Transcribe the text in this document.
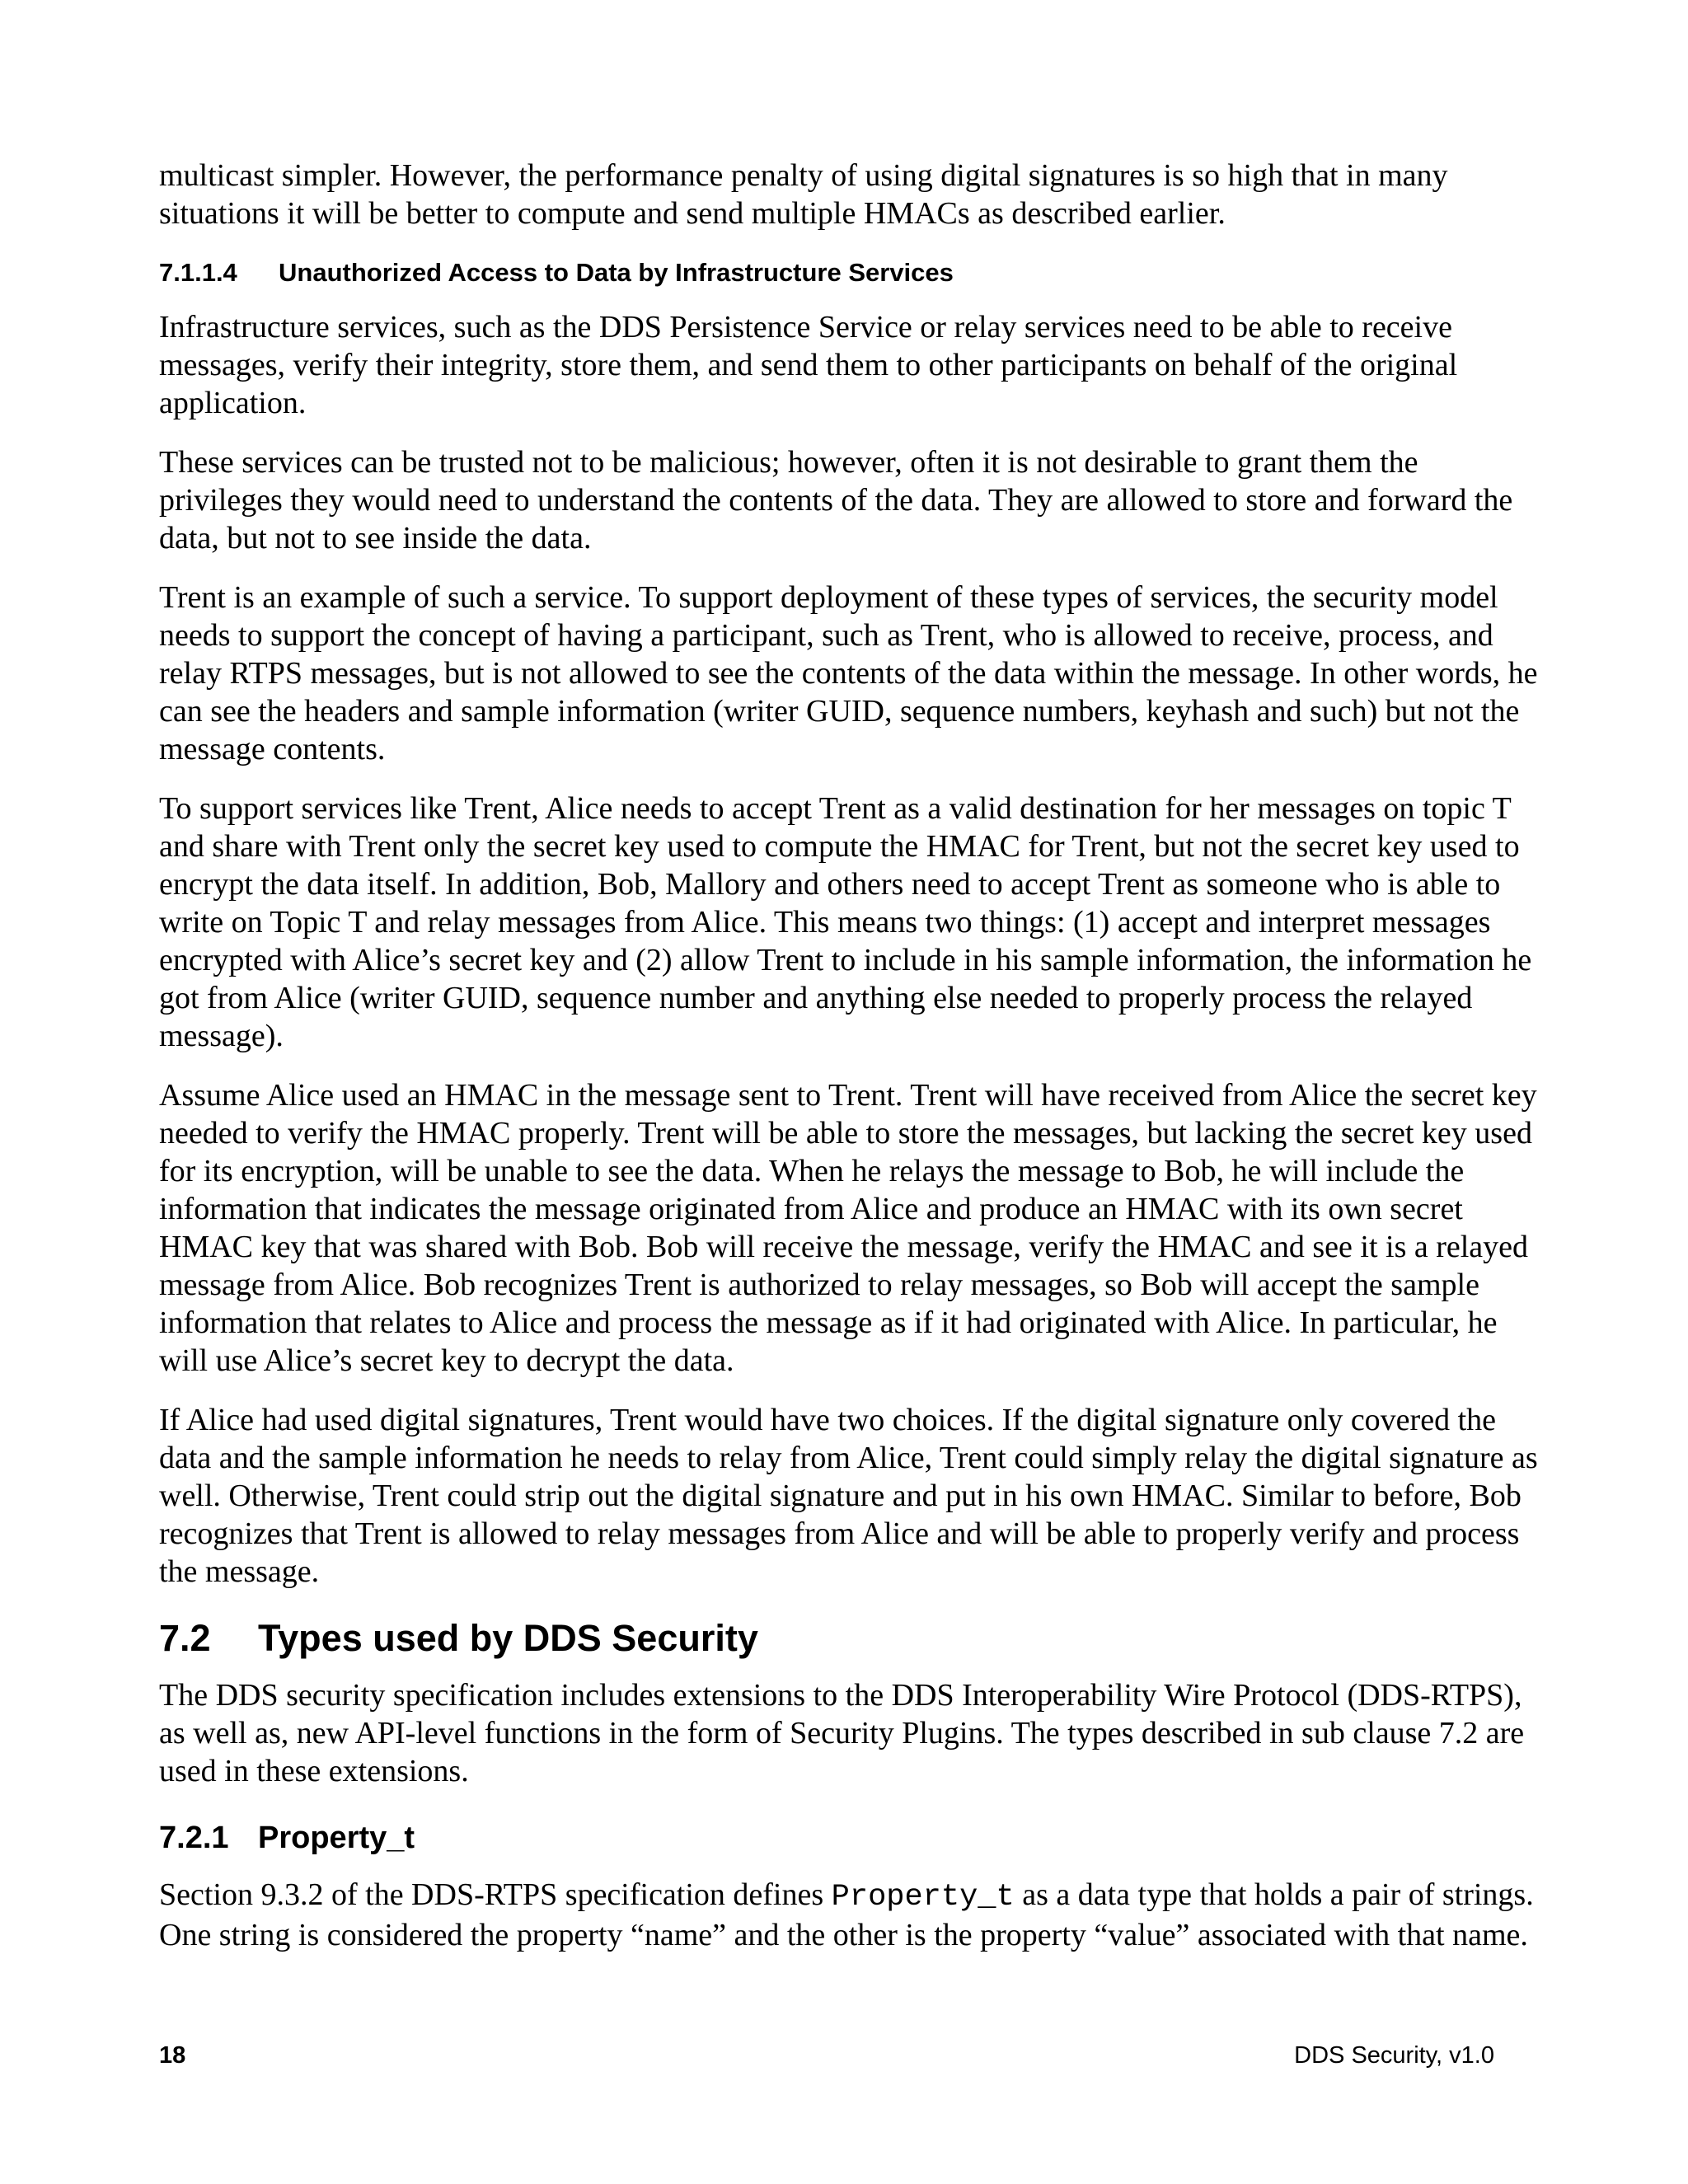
multicast simpler. However, the performance penalty of using digital signatures is so high that in many situations it will be better to compute and send multiple HMACs as described earlier.

7.1.1.4	Unauthorized Access to Data by Infrastructure Services

Infrastructure services, such as the DDS Persistence Service or relay services need to be able to receive messages, verify their integrity, store them, and send them to other participants on behalf of the original application.

These services can be trusted not to be malicious; however, often it is not desirable to grant them the privileges they would need to understand the contents of the data. They are allowed to store and forward the data, but not to see inside the data.

Trent is an example of such a service. To support deployment of these types of services, the security model needs to support the concept of having a participant, such as Trent, who is allowed to receive, process, and relay RTPS messages, but is not allowed to see the contents of the data within the message. In other words, he can see the headers and sample information (writer GUID, sequence numbers, keyhash and such) but not the message contents.

To support services like Trent, Alice needs to accept Trent as a valid destination for her messages on topic T and share with Trent only the secret key used to compute the HMAC for Trent, but not the secret key used to encrypt the data itself. In addition, Bob, Mallory and others need to accept Trent as someone who is able to write on Topic T and relay messages from Alice. This means two things: (1) accept and interpret messages encrypted with Alice’s secret key and (2) allow Trent to include in his sample information, the information he got from Alice (writer GUID, sequence number and anything else needed to properly process the relayed message).

Assume Alice used an HMAC in the message sent to Trent. Trent will have received from Alice the secret key needed to verify the HMAC properly. Trent will be able to store the messages, but lacking the secret key used for its encryption, will be unable to see the data. When he relays the message to Bob, he will include the information that indicates the message originated from Alice and produce an HMAC with its own secret HMAC key that was shared with Bob. Bob will receive the message, verify the HMAC and see it is a relayed message from Alice. Bob recognizes Trent is authorized to relay messages, so Bob will accept the sample information that relates to Alice and process the message as if it had originated with Alice. In particular, he will use Alice’s secret key to decrypt the data.

If Alice had used digital signatures, Trent would have two choices. If the digital signature only covered the data and the sample information he needs to relay from Alice, Trent could simply relay the digital signature as well. Otherwise, Trent could strip out the digital signature and put in his own HMAC. Similar to before, Bob recognizes that Trent is allowed to relay messages from Alice and will be able to properly verify and process the message.

7.2	Types used by DDS Security

The DDS security specification includes extensions to the DDS Interoperability Wire Protocol (DDS-RTPS), as well as, new API-level functions in the form of Security Plugins. The types described in sub clause 7.2 are used in these extensions.

7.2.1 Property_t

Section 9.3.2 of the DDS-RTPS specification defines Property_t as a data type that holds a pair of strings. One string is considered the property “name” and the other is the property “value” associated with that name.

18	DDS Security, v1.0
